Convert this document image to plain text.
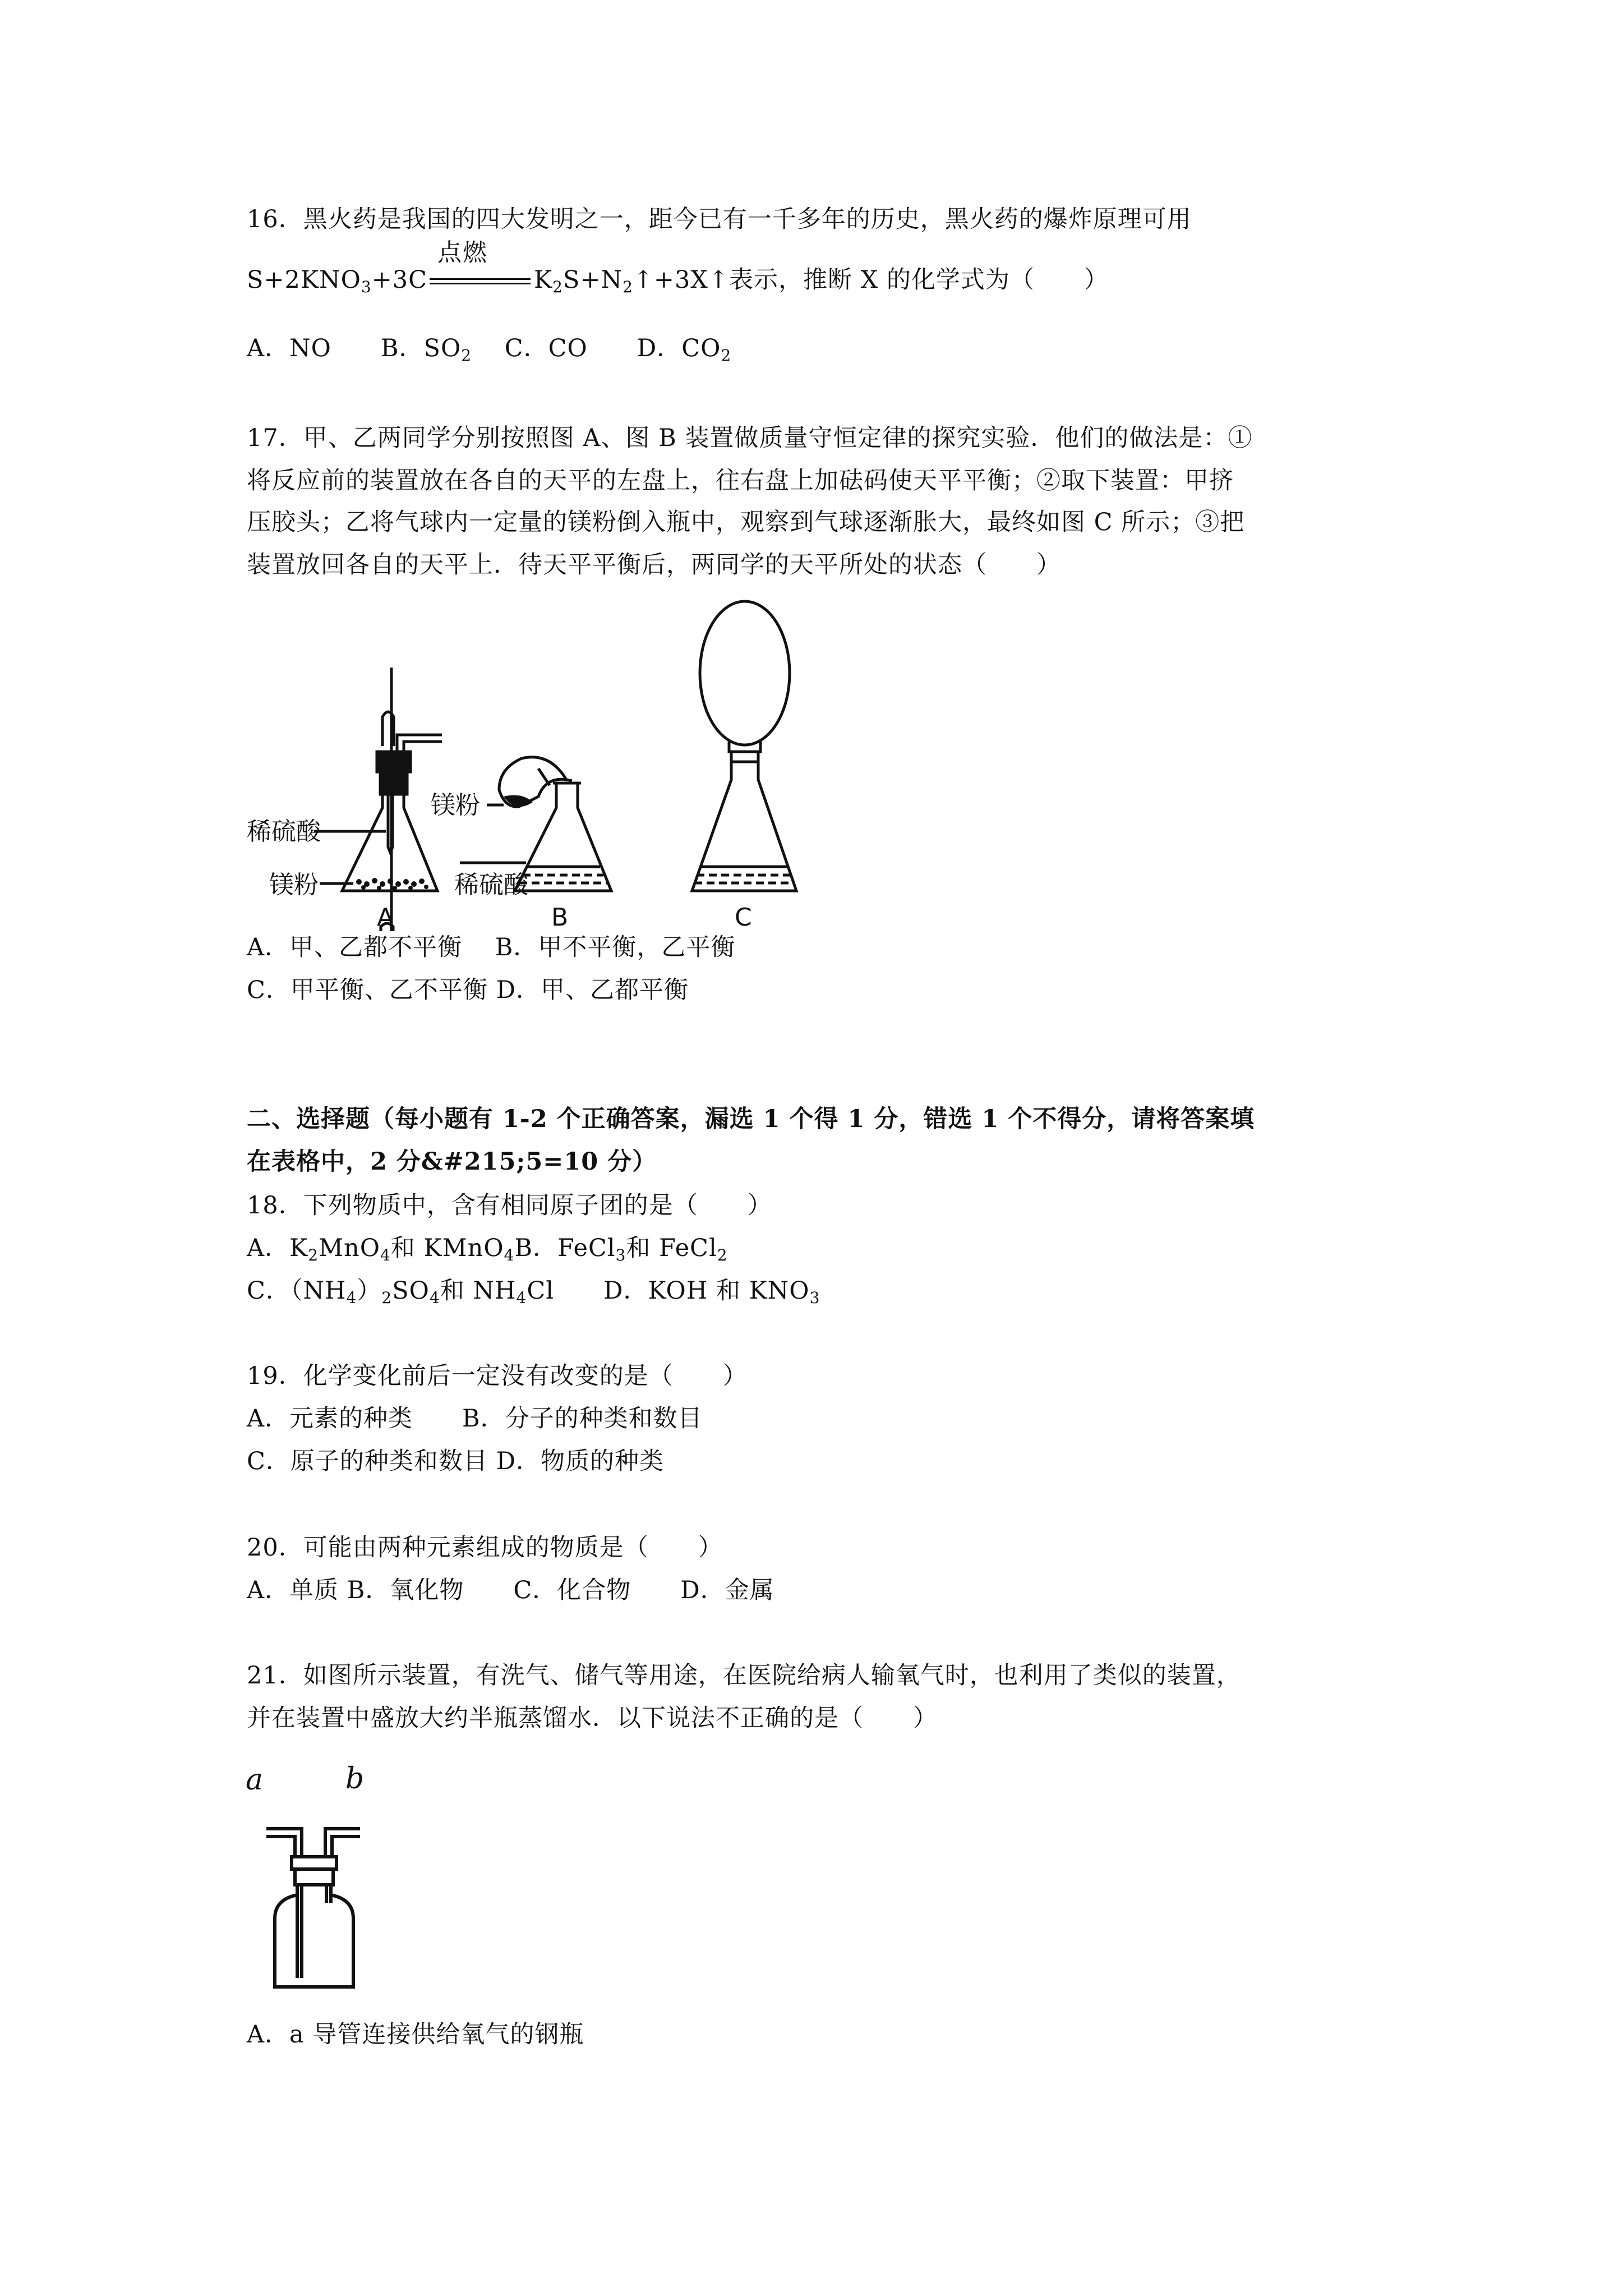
16．黑火药是我国的四大发明之一，距今已有一千多年的历史，黑火药的爆炸原理可用
$S+2KNO_3+3C$
点燃
$K_2S+N_2↑+3X↑$表示，推断 X 的化学式为（　　）
A．NO　　B．$SO_2$　 C．CO　　D．$CO_2$
17．甲、乙两同学分别按照图 A、图 B 装置做质量守恒定律的探究实验．他们的做法是：①
将反应前的装置放在各自的天平的左盘上，往右盘上加砝码使天平平衡；②取下装置：甲挤
压胶头；乙将气球内一定量的镁粉倒入瓶中，观察到气球逐渐胀大，最终如图 C 所示；③把
装置放回各自的天平上．待天平平衡后，两同学的天平所处的状态（　　）
稀硫酸
镁粉
A
镁粉
稀硫酸
B	C
A．甲、乙都不平衡　 B．甲不平衡，乙平衡
C．甲平衡、乙不平衡 D．甲、乙都平衡
二、选择题（每小题有 1-2 个正确答案，漏选 1 个得 1 分，错选 1 个不得分，请将答案填
在表格中，2 分&#215;5=10 分）
18．下列物质中，含有相同原子团的是（　　）
A．$K_2MnO_4$和 KMnO$_4$B．FeCl$_3$和 FeCl$_2$
C．$(NH_4)_2SO_4$和 $NH_4Cl$　　D．KOH 和 $KNO_3$
19．化学变化前后一定没有改变的是（　　）
A．元素的种类　　B．分子的种类和数目
C．原子的种类和数目 D．物质的种类
20．可能由两种元素组成的物质是（　　）
A．单质 B．氧化物　　C．化合物　　D．金属
21．如图所示装置，有洗气、储气等用途，在医院给病人输氧气时，也利用了类似的装置，
并在装置中盛放大约半瓶蒸馏水．以下说法不正确的是（　　）
a	b
A．a 导管连接供给氧气的钢瓶
